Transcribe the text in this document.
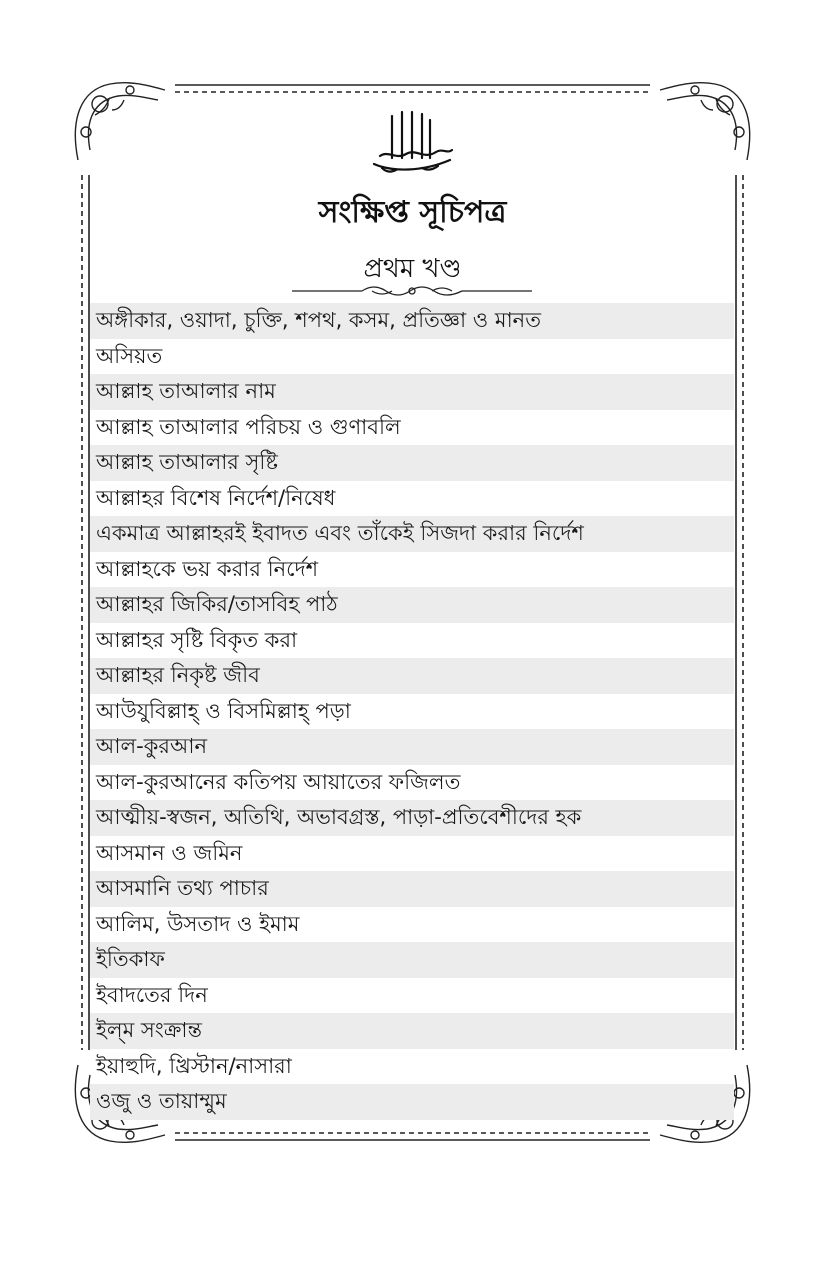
সংক্ষিপ্ত সূচিপত্র
প্রথম খণ্ড
অঙ্গীকার, ওয়াদা, চুক্তি, শপথ, কসম, প্রতিজ্ঞা ও মানত
অসিয়ত
আল্লাহ তাআলার নাম
আল্লাহ তাআলার পরিচয় ও গুণাবলি
আল্লাহ তাআলার সৃষ্টি
আল্লাহর বিশেষ নির্দেশ/নিষেধ
একমাত্র আল্লাহরই ইবাদত এবং তাঁকেই সিজদা করার নির্দেশ
আল্লাহকে ভয় করার নির্দেশ
আল্লাহর জিকির/তাসবিহ পাঠ
আল্লাহর সৃষ্টি বিকৃত করা
আল্লাহর নিকৃষ্ট জীব
আউযুবিল্লাহ্ ও বিসমিল্লাহ্ পড়া
আল-কুরআন
আল-কুরআনের কতিপয় আয়াতের ফজিলত
আত্মীয়-স্বজন, অতিথি, অভাবগ্রস্ত, পাড়া-প্রতিবেশীদের হক
আসমান ও জমিন
আসমানি তথ্য পাচার
আলিম, উসতাদ ও ইমাম
ইতিকাফ
ইবাদতের দিন
ইল্‌ম সংক্রান্ত
ইয়াহুদি, খ্রিস্টান/নাসারা
ওজু ও তায়াম্মুম
